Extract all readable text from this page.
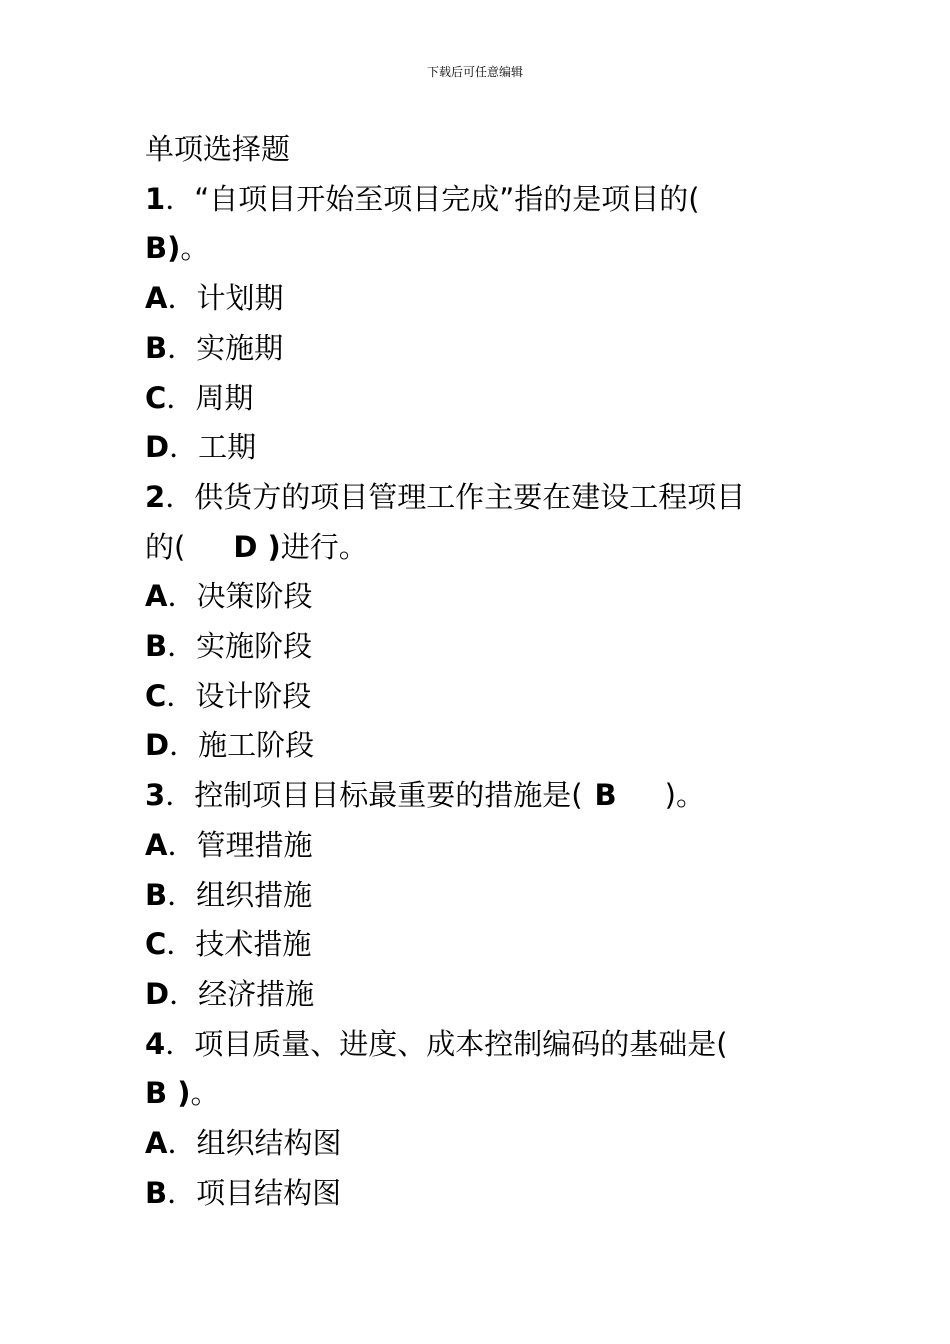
下载后可任意编辑
单项选择题
1．“自项目开始至项目完成”指的是项目的(
B)。
A．计划期
B．实施期
C．周期
D．工期
2．供货方的项目管理工作主要在建设工程项目
的( D )进行。
A．决策阶段
B．实施阶段
C．设计阶段
D．施工阶段
3．控制项目目标最重要的措施是( B )。
A．管理措施
B．组织措施
C．技术措施
D．经济措施
4．项目质量、进度、成本控制编码的基础是(
B )。
A．组织结构图
B．项目结构图
